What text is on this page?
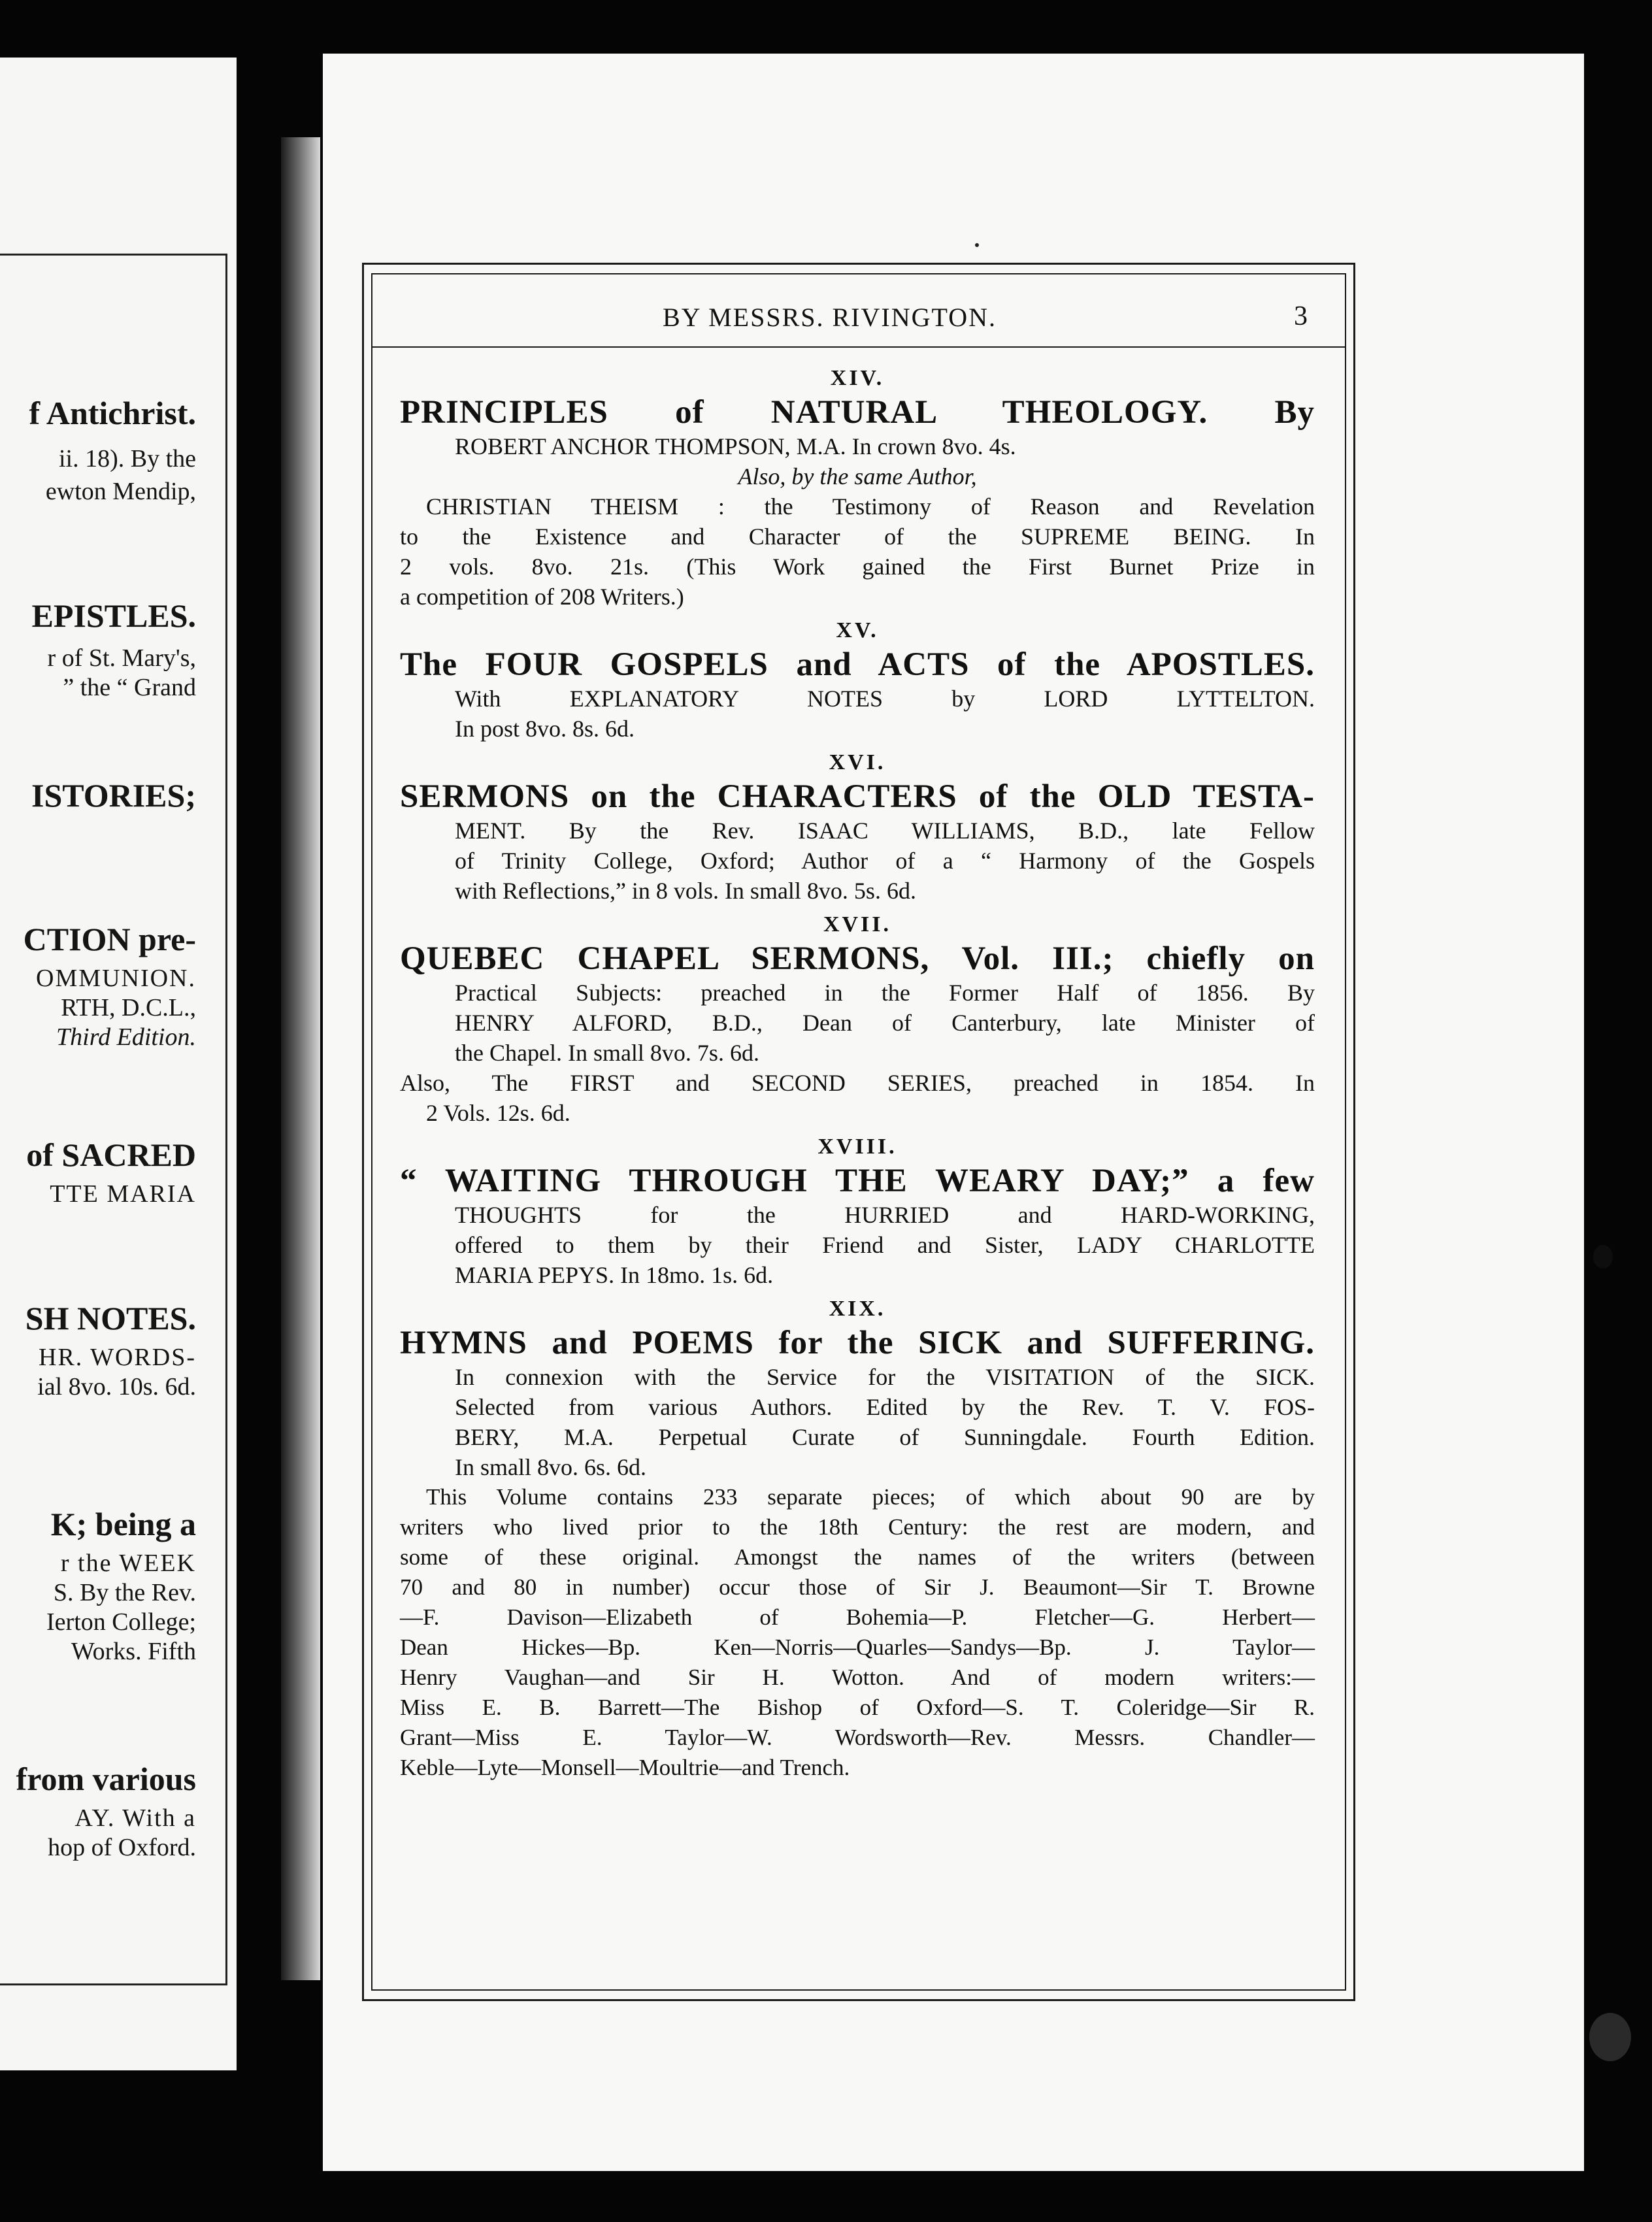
f Antichrist.
ii. 18). By the
ewton Mendip,
EPISTLES.
r of St. Mary's,
” the “ Grand
ISTORIES;
CTION pre-
OMMUNION.
RTH, D.C.L.,
Third Edition.
of SACRED
TTE MARIA
SH NOTES.
HR. WORDS-
ial 8vo. 10s. 6d.
K; being a
r the WEEK
S. By the Rev.
Ierton College;
Works. Fifth
from various
AY. With a
hop of Oxford.
BY MESSRS. RIVINGTON.	3
XIV.
PRINCIPLES of NATURAL THEOLOGY. By
ROBERT ANCHOR THOMPSON, M.A. In crown 8vo. 4s.
Also, by the same Author,
CHRISTIAN THEISM : the Testimony of Reason and Revelation
to the Existence and Character of the SUPREME BEING. In
2 vols. 8vo. 21s. (This Work gained the First Burnet Prize in
a competition of 208 Writers.)
XV.
The FOUR GOSPELS and ACTS of the APOSTLES.
With EXPLANATORY NOTES by LORD LYTTELTON.
In post 8vo. 8s. 6d.
XVI.
SERMONS on the CHARACTERS of the OLD TESTA-
MENT. By the Rev. ISAAC WILLIAMS, B.D., late Fellow
of Trinity College, Oxford; Author of a “ Harmony of the Gospels
with Reflections,” in 8 vols. In small 8vo. 5s. 6d.
XVII.
QUEBEC CHAPEL SERMONS, Vol. III.; chiefly on
Practical Subjects: preached in the Former Half of 1856. By
HENRY ALFORD, B.D., Dean of Canterbury, late Minister of
the Chapel. In small 8vo. 7s. 6d.
Also, The FIRST and SECOND SERIES, preached in 1854. In
2 Vols. 12s. 6d.
XVIII.
“ WAITING THROUGH THE WEARY DAY;” a few
THOUGHTS for the HURRIED and HARD-WORKING,
offered to them by their Friend and Sister, LADY CHARLOTTE
MARIA PEPYS. In 18mo. 1s. 6d.
XIX.
HYMNS and POEMS for the SICK and SUFFERING.
In connexion with the Service for the VISITATION of the SICK.
Selected from various Authors. Edited by the Rev. T. V. FOS-
BERY, M.A. Perpetual Curate of Sunningdale. Fourth Edition.
In small 8vo. 6s. 6d.
This Volume contains 233 separate pieces; of which about 90 are by
writers who lived prior to the 18th Century: the rest are modern, and
some of these original. Amongst the names of the writers (between
70 and 80 in number) occur those of Sir J. Beaumont—Sir T. Browne
—F. Davison—Elizabeth of Bohemia—P. Fletcher—G. Herbert—
Dean Hickes—Bp. Ken—Norris—Quarles—Sandys—Bp. J. Taylor—
Henry Vaughan—and Sir H. Wotton. And of modern writers:—
Miss E. B. Barrett—The Bishop of Oxford—S. T. Coleridge—Sir R.
Grant—Miss E. Taylor—W. Wordsworth—Rev. Messrs. Chandler—
Keble—Lyte—Monsell—Moultrie—and Trench.
